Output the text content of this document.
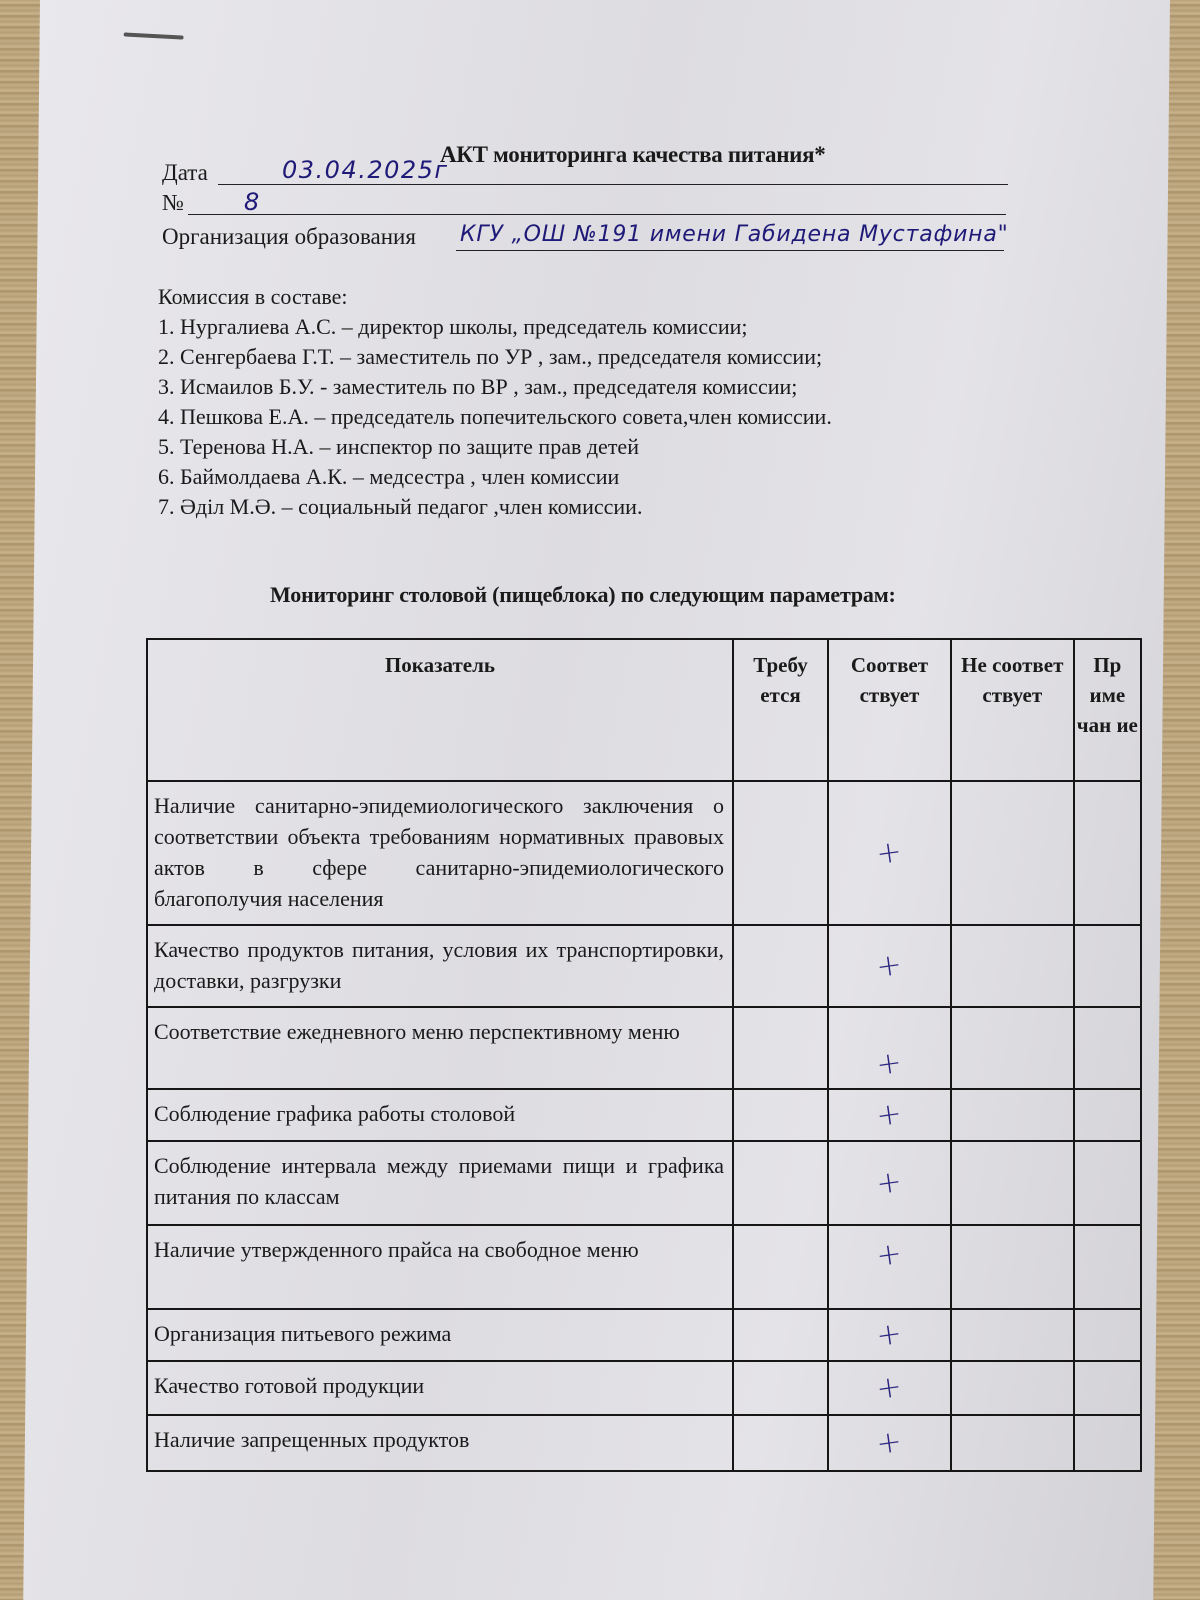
АКТ мониторинга качества питания*
Дата	03.04.2025г
№	8
Организация образования КГУ „ОШ №191 имени Габидена Мустафина"
Комиссия в составе:
1. Нургалиева А.С. – директор школы, председатель комиссии;
2. Сенгербаева Г.Т. – заместитель по УР , зам., председателя комиссии;
3. Исмаилов Б.У. - заместитель по ВР , зам., председателя комиссии;
4. Пешкова Е.А. – председатель попечительского совета,член комиссии.
5. Теренова Н.А. – инспектор по защите прав детей
6. Баймолдаева А.К. – медсестра , член комиссии
7. Әділ М.Ә. – социальный педагог ,член комиссии.
Мониторинг столовой (пищеблока) по следующим параметрам:
Показатель	Требу ется	Соответ ствует	Не соответ ствует	Пр име чан ие
Наличие санитарно-эпидемиологического заключения о соответствии объекта требованиям нормативных правовых актов в сфере санитарно-эпидемиологического благополучия населения		+		

Качество продуктов питания, условия их транспортировки, доставки, разгрузки		+		

Соответствие ежедневного меню перспективному меню		+		

Соблюдение графика работы столовой		+		

Соблюдение интервала между приемами пищи и графика питания по классам		+		

Наличие утвержденного прайса на свободное меню		+		

Организация питьевого режима		+		

Качество готовой продукции		+		

Наличие запрещенных продуктов		+		
